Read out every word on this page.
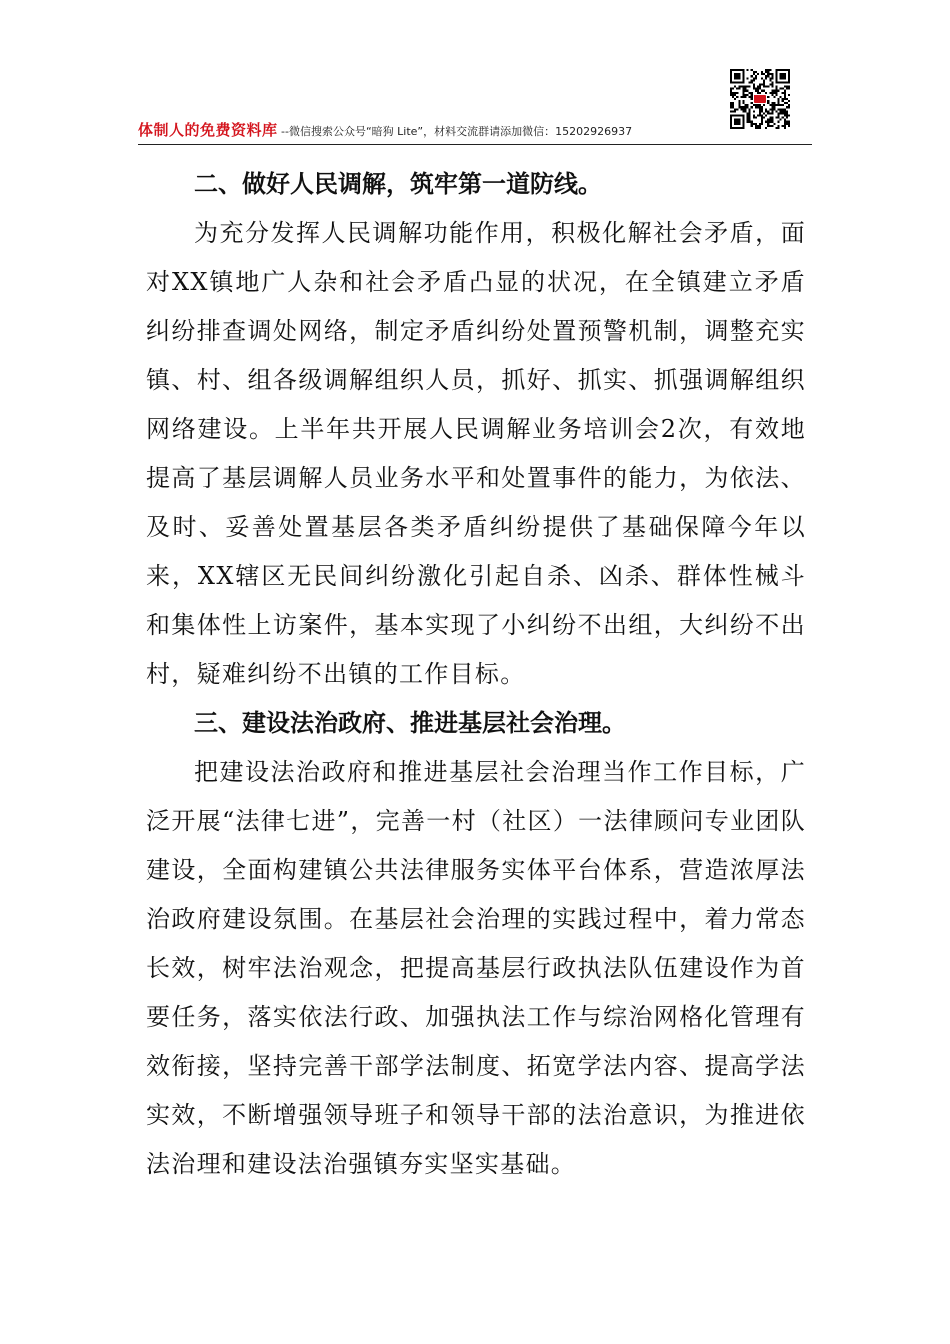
体制人的免费资料库 --微信搜索公众号“暗狗 Lite”，材料交流群请添加微信：15202926937
二、做好人民调解，筑牢第一道防线。

为充分发挥人民调解功能作用，积极化解社会矛盾，面对XX镇地广人杂和社会矛盾凸显的状况，在全镇建立矛盾纠纷排查调处网络，制定矛盾纠纷处置预警机制，调整充实镇、村、组各级调解组织人员，抓好、抓实、抓强调解组织网络建设。上半年共开展人民调解业务培训会2次，有效地提高了基层调解人员业务水平和处置事件的能力，为依法、及时、妥善处置基层各类矛盾纠纷提供了基础保障今年以来，XX辖区无民间纠纷激化引起自杀、凶杀、群体性械斗和集体性上访案件，基本实现了小纠纷不出组，大纠纷不出村，疑难纠纷不出镇的工作目标。

三、建设法治政府、推进基层社会治理。

把建设法治政府和推进基层社会治理当作工作目标，广泛开展“法律七进”，完善一村（社区）一法律顾问专业团队建设，全面构建镇公共法律服务实体平台体系，营造浓厚法治政府建设氛围。在基层社会治理的实践过程中，着力常态长效，树牢法治观念，把提高基层行政执法队伍建设作为首要任务，落实依法行政、加强执法工作与综治网格化管理有效衔接，坚持完善干部学法制度、拓宽学法内容、提高学法实效，不断增强领导班子和领导干部的法治意识，为推进依法治理和建设法治强镇夯实坚实基础。
